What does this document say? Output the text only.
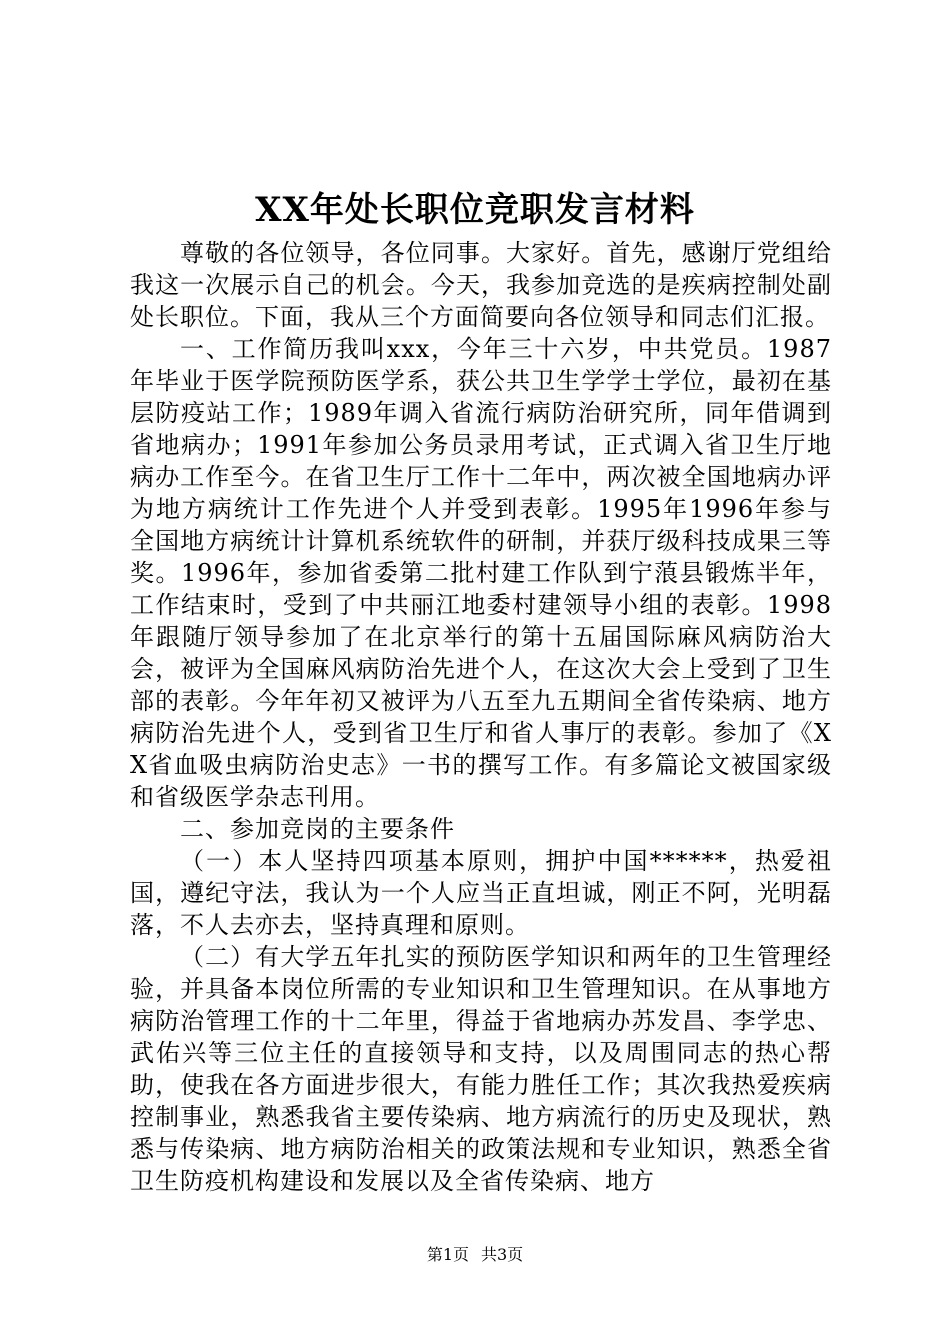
XX年处长职位竞职发言材料

尊敬的各位领导，各位同事。大家好。首先，感谢厅党组给我这一次展示自己的机会。今天，我参加竞选的是疾病控制处副处长职位。下面，我从三个方面简要向各位领导和同志们汇报。

一、工作简历我叫xxx，今年三十六岁，中共党员。1987年毕业于医学院预防医学系，获公共卫生学学士学位，最初在基层防疫站工作；1989年调入省流行病防治研究所，同年借调到省地病办；1991年参加公务员录用考试，正式调入省卫生厅地病办工作至今。在省卫生厅工作十二年中，两次被全国地病办评为地方病统计工作先进个人并受到表彰。1995年1996年参与全国地方病统计计算机系统软件的研制，并获厅级科技成果三等奖。1996年，参加省委第二批村建工作队到宁蒗县锻炼半年，工作结束时，受到了中共丽江地委村建领导小组的表彰。1998年跟随厅领导参加了在北京举行的第十五届国际麻风病防治大会，被评为全国麻风病防治先进个人，在这次大会上受到了卫生部的表彰。今年年初又被评为八五至九五期间全省传染病、地方病防治先进个人，受到省卫生厅和省人事厅的表彰。参加了《XX省血吸虫病防治史志》一书的撰写工作。有多篇论文被国家级和省级医学杂志刊用。

二、参加竞岗的主要条件

（一）本人坚持四项基本原则，拥护中国******，热爱祖国，遵纪守法，我认为一个人应当正直坦诚，刚正不阿，光明磊落，不人去亦去，坚持真理和原则。

（二）有大学五年扎实的预防医学知识和两年的卫生管理经验，并具备本岗位所需的专业知识和卫生管理知识。在从事地方病防治管理工作的十二年里，得益于省地病办苏发昌、李学忠、武佑兴等三位主任的直接领导和支持，以及周围同志的热心帮助，使我在各方面进步很大，有能力胜任工作；其次我热爱疾病控制事业，熟悉我省主要传染病、地方病流行的历史及现状，熟悉与传染病、地方病防治相关的政策法规和专业知识，熟悉全省卫生防疫机构建设和发展以及全省传染病、地方

第1页 共3页
